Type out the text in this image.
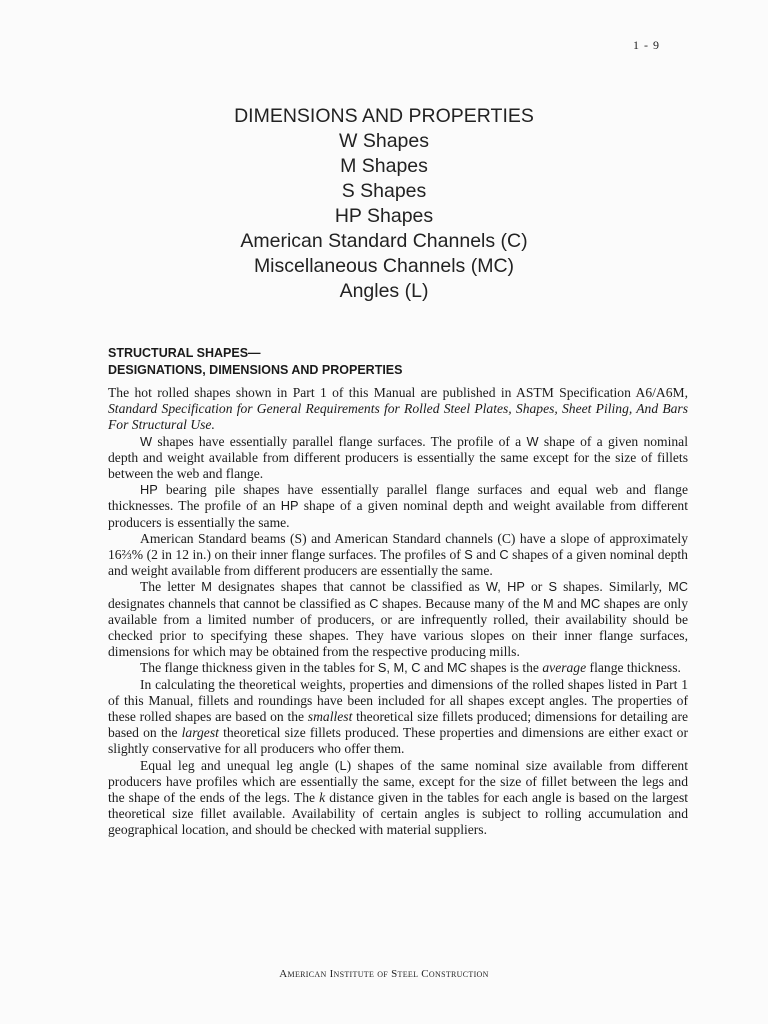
1 - 9
DIMENSIONS AND PROPERTIES
W Shapes
M Shapes
S Shapes
HP Shapes
American Standard Channels (C)
Miscellaneous Channels (MC)
Angles (L)
STRUCTURAL SHAPES—
DESIGNATIONS, DIMENSIONS AND PROPERTIES

The hot rolled shapes shown in Part 1 of this Manual are published in ASTM Specification A6/A6M, Standard Specification for General Requirements for Rolled Steel Plates, Shapes, Sheet Piling, And Bars For Structural Use.

W shapes have essentially parallel flange surfaces. The profile of a W shape of a given nominal depth and weight available from different producers is essentially the same except for the size of fillets between the web and flange.

HP bearing pile shapes have essentially parallel flange surfaces and equal web and flange thicknesses. The profile of an HP shape of a given nominal depth and weight available from different producers is essentially the same.

American Standard beams (S) and American Standard channels (C) have a slope of approximately 16⅔% (2 in 12 in.) on their inner flange surfaces. The profiles of S and C shapes of a given nominal depth and weight available from different producers are essentially the same.

The letter M designates shapes that cannot be classified as W, HP or S shapes. Similarly, MC designates channels that cannot be classified as C shapes. Because many of the M and MC shapes are only available from a limited number of producers, or are infrequently rolled, their availability should be checked prior to specifying these shapes. They have various slopes on their inner flange surfaces, dimensions for which may be obtained from the respective producing mills.

The flange thickness given in the tables for S, M, C and MC shapes is the average flange thickness.

In calculating the theoretical weights, properties and dimensions of the rolled shapes listed in Part 1 of this Manual, fillets and roundings have been included for all shapes except angles. The properties of these rolled shapes are based on the smallest theoretical size fillets produced; dimensions for detailing are based on the largest theoretical size fillets produced. These properties and dimensions are either exact or slightly conservative for all producers who offer them.

Equal leg and unequal leg angle (L) shapes of the same nominal size available from different producers have profiles which are essentially the same, except for the size of fillet between the legs and the shape of the ends of the legs. The k distance given in the tables for each angle is based on the largest theoretical size fillet available. Availability of certain angles is subject to rolling accumulation and geographical location, and should be checked with material suppliers.

American Institute of Steel Construction
